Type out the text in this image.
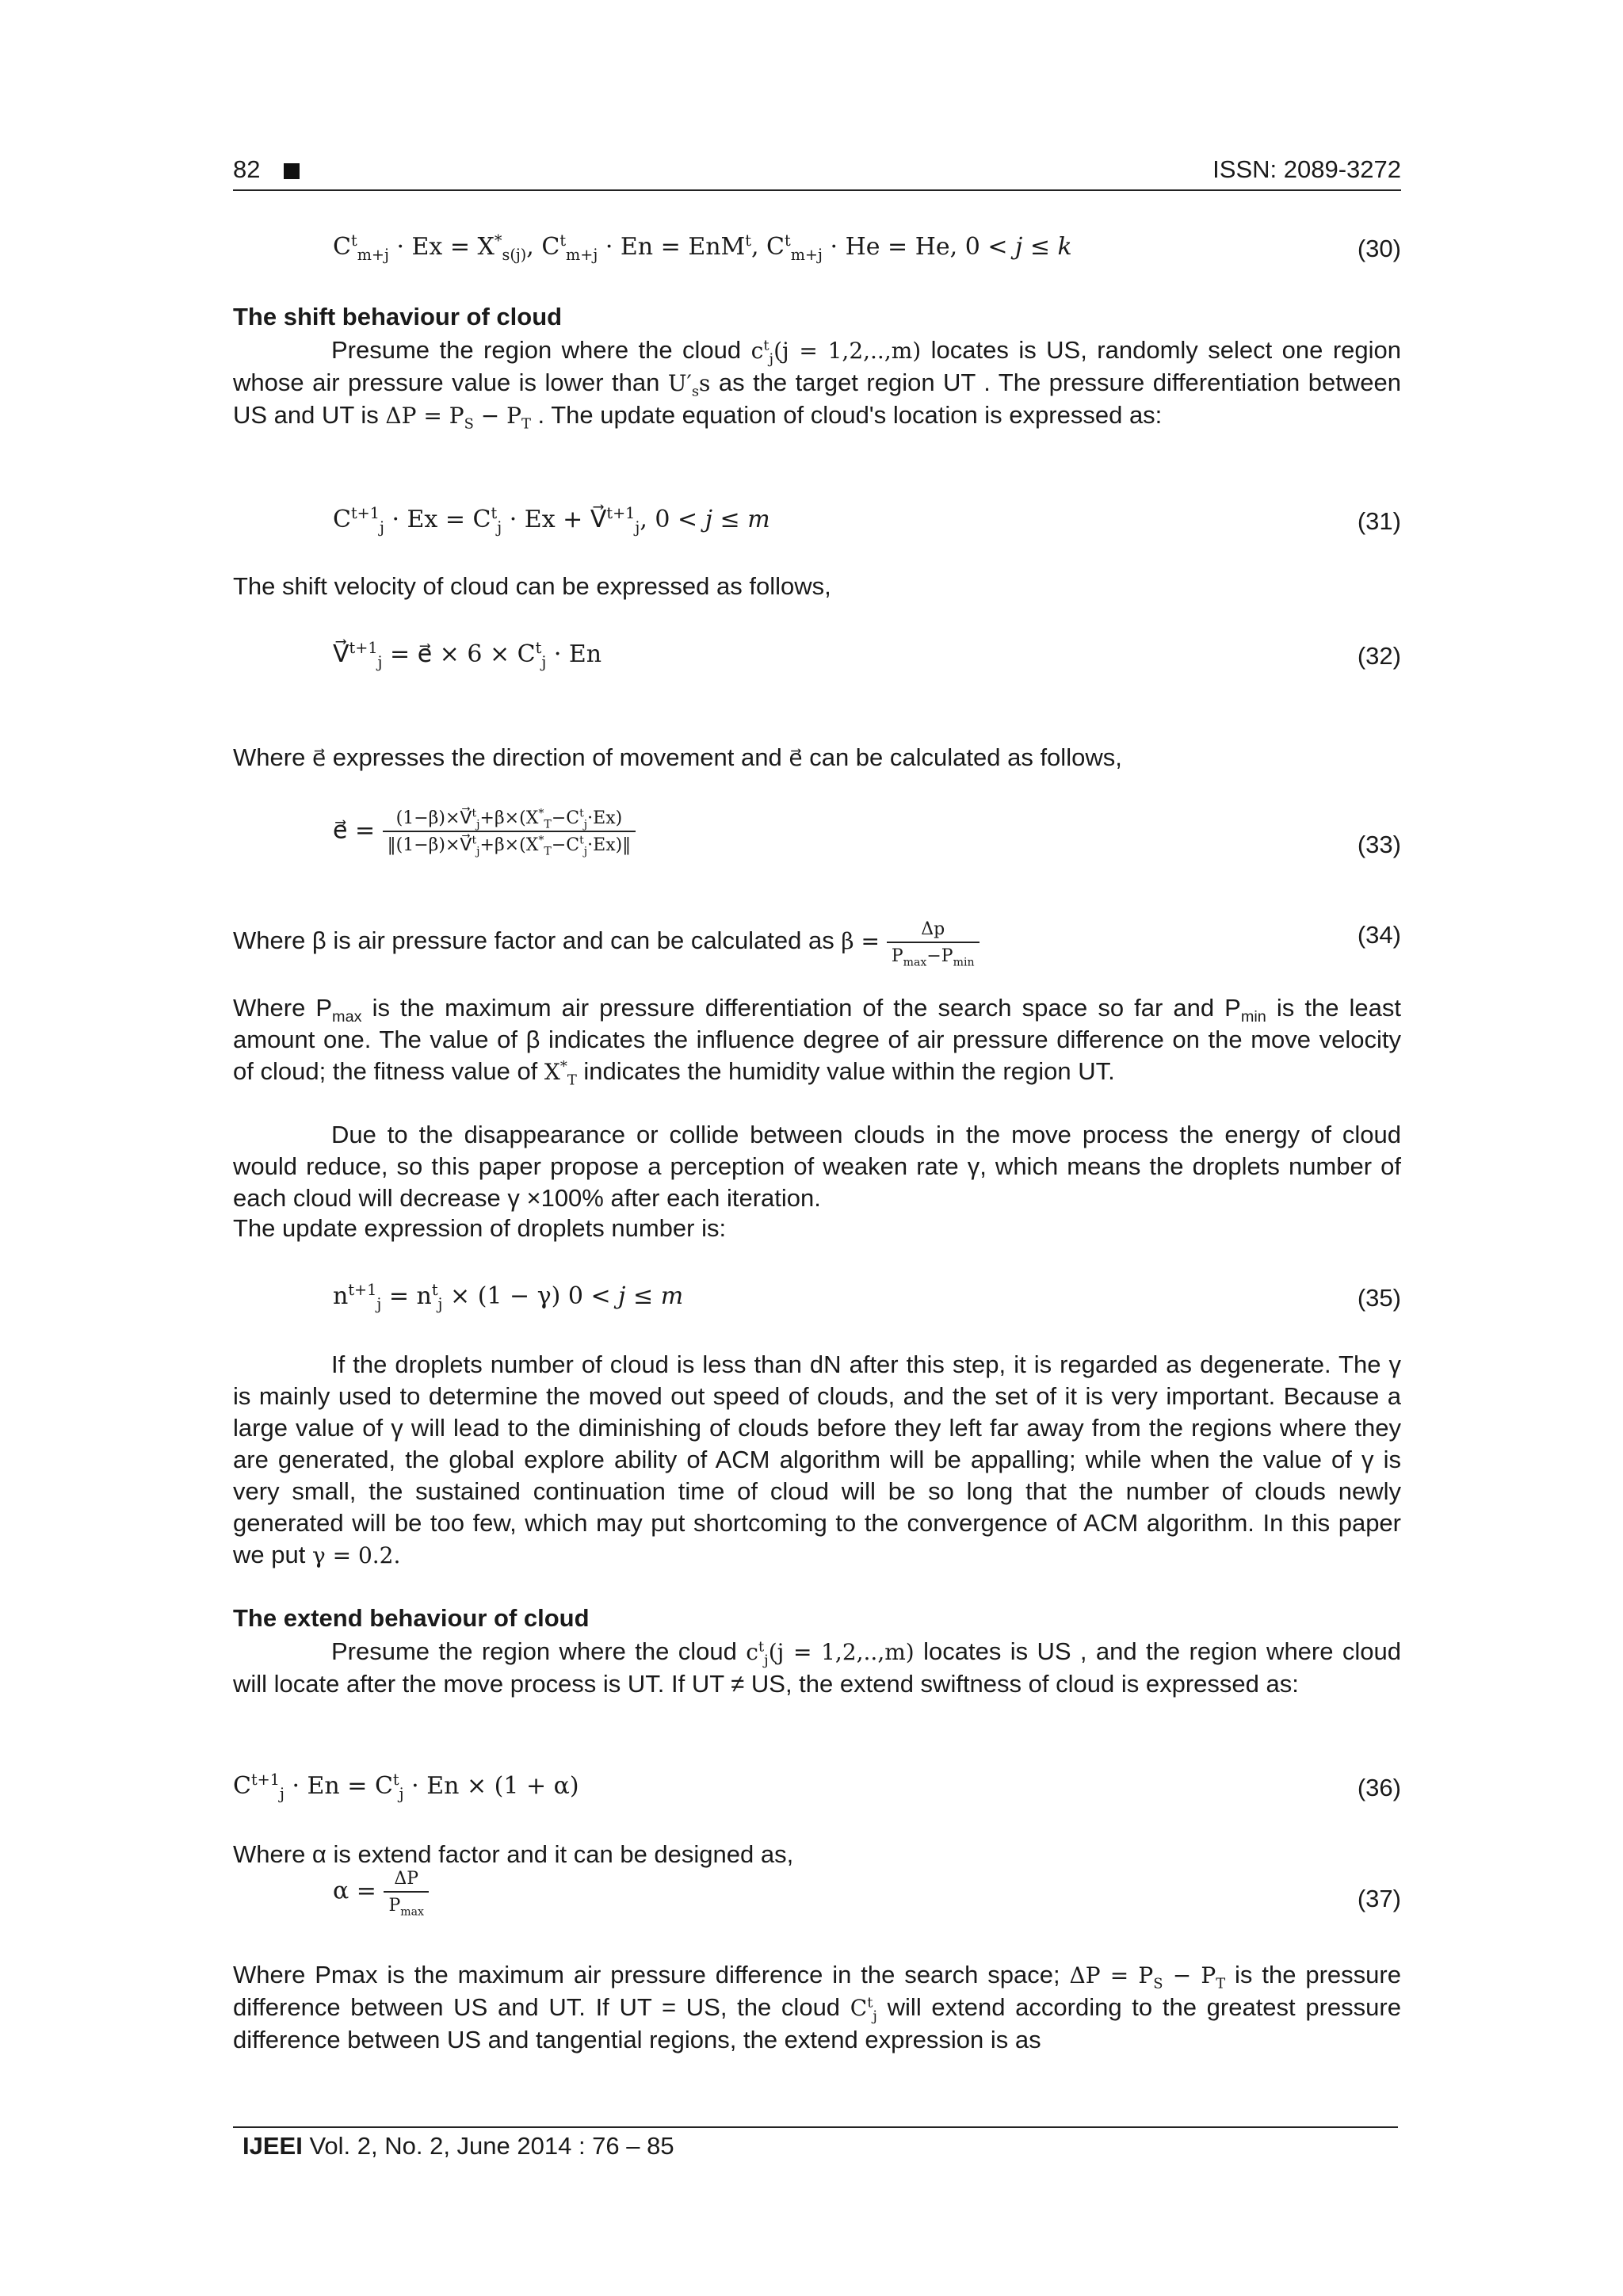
82	ISSN: 2089-3272
$C^t_{m+j} \cdot Ex = X^*_{s(j)}$, $C^t_{m+j} \cdot En = EnM^t$, $C^t_{m+j} \cdot He = He$, 0 < j ≤ k	(30)
The shift behaviour of cloud
Presume the region where the cloud $c^t_j(j = 1,2,..,m)$ locates is US, randomly select one region whose air pressure value is lower than $U'_ss$ as the target region UT . The pressure differentiation between US and UT is $\Delta P = P_S - P_T$ . The update equation of cloud's location is expressed as:
$C^{t+1}_j \cdot Ex = C^t_j \cdot Ex$ + V⃗$^{t+1}_j$, 0 < j ≤ m	(31)
The shift velocity of cloud can be expressed as follows,
V⃗$^{t+1}_j$ = e⃗ × $6 \times C^t_j \cdot En$	(32)
Where e⃗ expresses the direction of movement and e⃗ can be calculated as follows,
e⃗ = $\frac{(1-\beta)\times V⃗^t_j+\beta\times(X^*_T-C^t_j\cdot Ex)}{‖(1-\beta)\times V⃗^t_j+\beta\times(X^*_T-C^t_j\cdot Ex)‖}$	(33)
Where β is air pressure factor and can be calculated as $\beta = \frac{\Delta p}{P_{max}-P_{min}}$	(34)
Where $P_{max}$ is the maximum air pressure differentiation of the search space so far and $P_{min}$ is the least amount one. The value of β indicates the influence degree of air pressure difference on the move velocity of cloud; the fitness value of $X^*_T$ indicates the humidity value within the region UT.
Due to the disappearance or collide between clouds in the move process the energy of cloud would reduce, so this paper propose a perception of weaken rate γ, which means the droplets number of each cloud will decrease γ ×100% after each iteration.
The update expression of droplets number is:
$n^{t+1}_j = n^t_j \times (1 - \gamma) 0 < j \le m$	(35)
If the droplets number of cloud is less than dN after this step, it is regarded as degenerate. The γ is mainly used to determine the moved out speed of clouds, and the set of it is very important. Because a large value of γ will lead to the diminishing of clouds before they left far away from the regions where they are generated, the global explore ability of ACM algorithm will be appalling; while when the value of γ is very small, the sustained continuation time of cloud will be so long that the number of clouds newly generated will be too few, which may put shortcoming to the convergence of ACM algorithm. In this paper we put γ = 0.2.
The extend behaviour of cloud
Presume the region where the cloud $c^t_j(j = 1,2,..,m)$ locates is US , and the region where cloud will locate after the move process is UT. If UT ≠ US, the extend swiftness of cloud is expressed as:
$C^{t+1}_j \cdot En = C^t_j \cdot En \times (1 + \alpha)$	(36)
Where α is extend factor and it can be designed as,
$\alpha = \frac{\Delta P}{P_{max}}$	(37)
Where Pmax is the maximum air pressure difference in the search space; $\Delta P = P_S - P_T$ is the pressure difference between US and UT. If UT = US, the cloud $C^t_j$ will extend according to the greatest pressure difference between US and tangential regions, the extend expression is as
IJEEI Vol. 2, No. 2, June 2014 : 76 – 85
